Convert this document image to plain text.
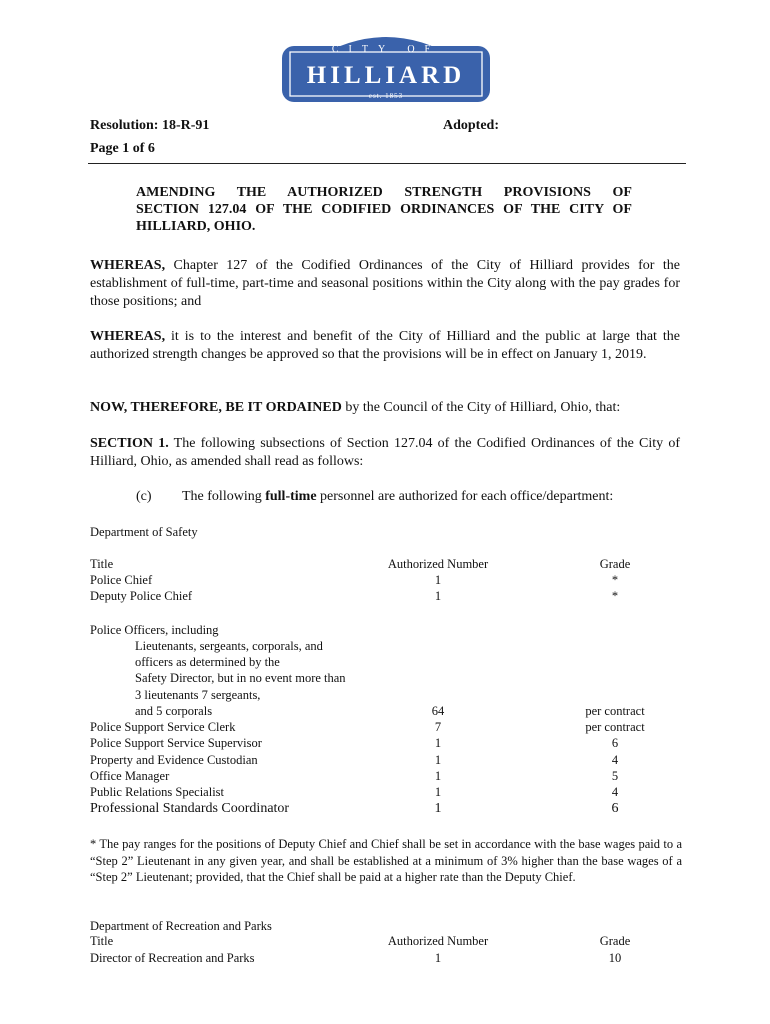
CITY OF
HILLIARD
est. 1853
Resolution: 18-R-91	Adopted:
Page 1 of 6
AMENDING THE AUTHORIZED STRENGTH PROVISIONS OF
SECTION 127.04 OF THE CODIFIED ORDINANCES OF THE CITY OF
HILLIARD, OHIO.
WHEREAS, Chapter 127 of the Codified Ordinances of the City of Hilliard provides for the establishment of full-time, part-time and seasonal positions within the City along with the pay grades for those positions; and
WHEREAS, it is to the interest and benefit of the City of Hilliard and the public at large that the authorized strength changes be approved so that the provisions will be in effect on January 1, 2019.
NOW, THEREFORE, BE IT ORDAINED by the Council of the City of Hilliard, Ohio, that:
SECTION 1. The following subsections of Section 127.04 of the Codified Ordinances of the City of Hilliard, Ohio, as amended shall read as follows:
(c) The following full-time personnel are authorized for each office/department:
Department of Safety
Title	Authorized Number	Grade
Police Chief	1	*
Deputy Police Chief	1	*
Police Officers, including
Lieutenants, sergeants, corporals, and
officers as determined by the
Safety Director, but in no event more than
3 lieutenants 7 sergeants,
and 5 corporals	64	per contract
Police Support Service Clerk	7	per contract
Police Support Service Supervisor	1	6
Property and Evidence Custodian	1	4
Office Manager	1	5
Public Relations Specialist	1	4
Professional Standards Coordinator	1	6
* The pay ranges for the positions of Deputy Chief and Chief shall be set in accordance with the base wages paid to a “Step 2” Lieutenant in any given year, and shall be established at a minimum of 3% higher than the base wages of a “Step 2” Lieutenant; provided, that the Chief shall be paid at a higher rate than the Deputy Chief.
Department of Recreation and Parks
Title	Authorized Number	Grade
Director of Recreation and Parks	1	10
